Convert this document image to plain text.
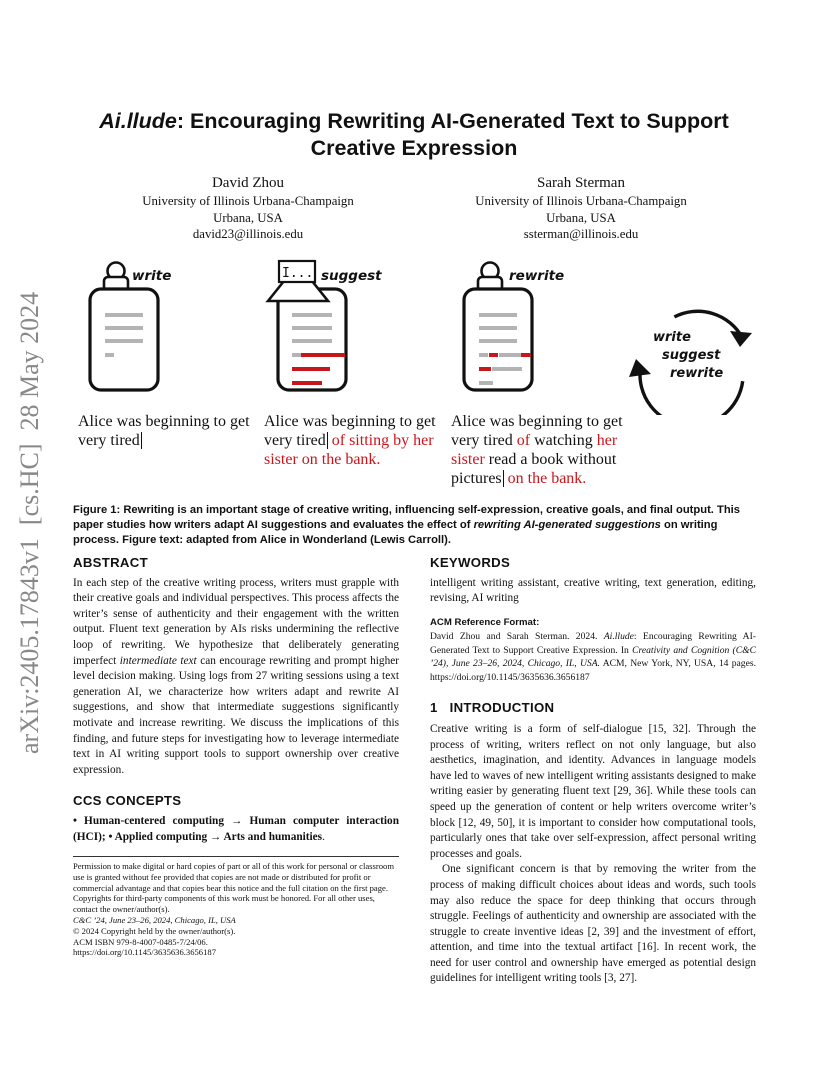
arXiv:2405.17843v1  [cs.HC]  28 May 2024
Ai.llude: Encouraging Rewriting AI-Generated Text to Support
Creative Expression
David Zhou
University of Illinois Urbana-Champaign
Urbana, USA
david23@illinois.edu
Sarah Sterman
University of Illinois Urbana-Champaign
Urbana, USA
ssterman@illinois.edu
write	I... suggest	rewrite
write
suggest
rewrite
Alice was beginning to get
very tired
Alice was beginning to get
very tired of sitting by her
sister on the bank.
Alice was beginning to get
very tired of watching her
sister read a book without
pictures on the bank.
Figure 1: Rewriting is an important stage of creative writing, influencing self-expression, creative goals, and final output. This paper studies how writers adapt AI suggestions and evaluates the effect of rewriting AI-generated suggestions on writing process. Figure text: adapted from Alice in Wonderland (Lewis Carroll).
ABSTRACT

In each step of the creative writing process, writers must grapple with their creative goals and individual perspectives. This process affects the writer’s sense of authenticity and their engagement with the written output. Fluent text generation by AIs risks undermining the reflective loop of rewriting. We hypothesize that deliberately generating imperfect intermediate text can encourage rewriting and prompt higher level decision making. Using logs from 27 writing sessions using a text generation AI, we characterize how writers adapt and rewrite AI suggestions, and show that intermediate suggestions significantly motivate and increase rewriting. We discuss the implications of this finding, and future steps for investigating how to leverage intermediate text in AI writing support tools to support ownership over creative expression.

CCS CONCEPTS

• Human-centered computing → Human computer interaction (HCI); • Applied computing → Arts and humanities.

Permission to make digital or hard copies of part or all of this work for personal or classroom use is granted without fee provided that copies are not made or distributed for profit or commercial advantage and that copies bear this notice and the full citation on the first page. Copyrights for third-party components of this work must be honored. For all other uses, contact the owner/author(s).
C&C ’24, June 23–26, 2024, Chicago, IL, USA
© 2024 Copyright held by the owner/author(s).
ACM ISBN 979-8-4007-0485-7/24/06.
https://doi.org/10.1145/3635636.3656187
KEYWORDS

intelligent writing assistant, creative writing, text generation, editing, revising, AI writing

ACM Reference Format:

David Zhou and Sarah Sterman. 2024. Ai.llude: Encouraging Rewriting AI-Generated Text to Support Creative Expression. In Creativity and Cognition (C&C ’24), June 23–26, 2024, Chicago, IL, USA. ACM, New York, NY, USA, 14 pages. https://doi.org/10.1145/3635636.3656187

1 INTRODUCTION

Creative writing is a form of self-dialogue [15, 32]. Through the process of writing, writers reflect on not only language, but also aesthetics, imagination, and identity. Advances in language models have led to waves of new intelligent writing assistants designed to make writing easier by generating fluent text [29, 36]. While these tools can speed up the generation of content or help writers overcome writer’s block [12, 49, 50], it is important to consider how computational tools, particularly ones that take over self-expression, affect personal writing processes and goals.

One significant concern is that by removing the writer from the process of making difficult choices about ideas and words, such tools may also reduce the space for deep thinking that occurs through struggle. Feelings of authenticity and ownership are associated with the struggle to create inventive ideas [2, 39] and the investment of effort, attention, and time into the textual artifact [16]. In recent work, the need for user control and ownership have emerged as potential design guidelines for intelligent writing tools [3, 27].
